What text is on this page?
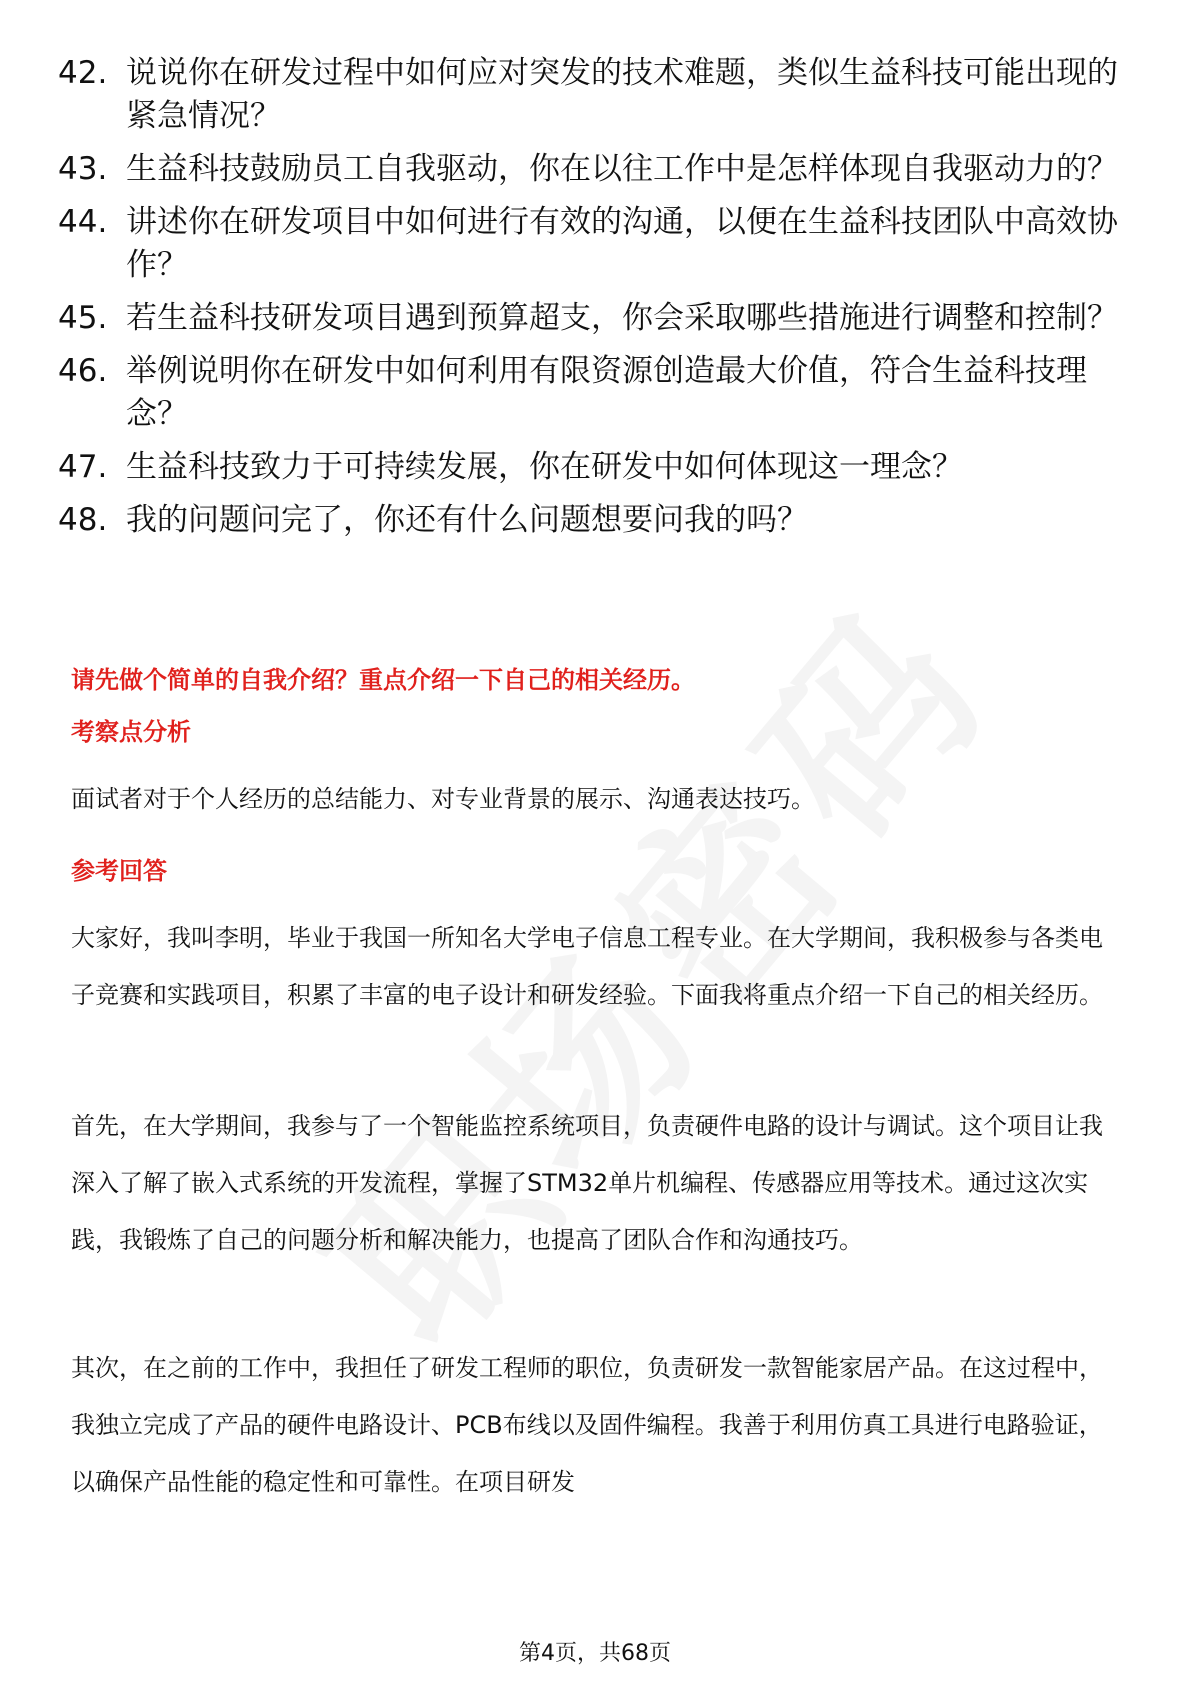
42. 说说你在研发过程中如何应对突发的技术难题，类似生益科技可能出现的紧急情况？
43. 生益科技鼓励员工自我驱动，你在以往工作中是怎样体现自我驱动力的？
44. 讲述你在研发项目中如何进行有效的沟通，以便在生益科技团队中高效协作？
45. 若生益科技研发项目遇到预算超支，你会采取哪些措施进行调整和控制？
46. 举例说明你在研发中如何利用有限资源创造最大价值，符合生益科技理念？
47. 生益科技致力于可持续发展，你在研发中如何体现这一理念？
48. 我的问题问完了，你还有什么问题想要问我的吗？
请先做个简单的自我介绍？重点介绍一下自己的相关经历。
考察点分析

面试者对于个人经历的总结能力、对专业背景的展示、沟通表达技巧。

参考回答

大家好，我叫李明，毕业于我国一所知名大学电子信息工程专业。在大学期间，我积极参与各类电子竞赛和实践项目，积累了丰富的电子设计和研发经验。下面我将重点介绍一下自己的相关经历。

首先，在大学期间，我参与了一个智能监控系统项目，负责硬件电路的设计与调试。这个项目让我深入了解了嵌入式系统的开发流程，掌握了STM32单片机编程、传感器应用等技术。通过这次实践，我锻炼了自己的问题分析和解决能力，也提高了团队合作和沟通技巧。

其次，在之前的工作中，我担任了研发工程师的职位，负责研发一款智能家居产品。在这过程中，我独立完成了产品的硬件电路设计、PCB布线以及固件编程。我善于利用仿真工具进行电路验证，以确保产品性能的稳定性和可靠性。在项目研发

第4页，共68页
